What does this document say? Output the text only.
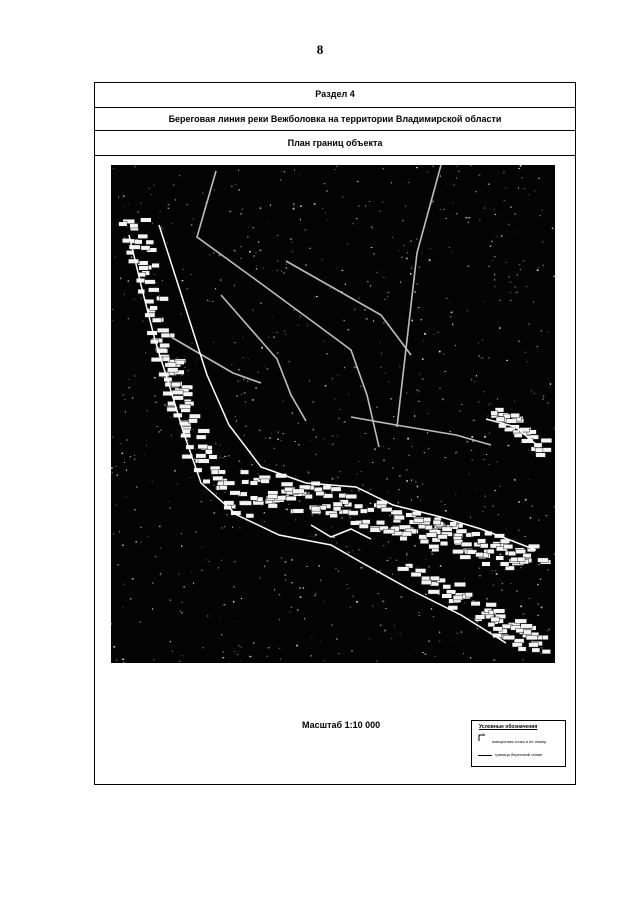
8
Раздел 4
Береговая линия реки Вежболовка на территории Владимирской области
План границ объекта
Масштаб 1:10 000	Условные обозначения
1
поворотная точка и ее номер
граница береговой линии
